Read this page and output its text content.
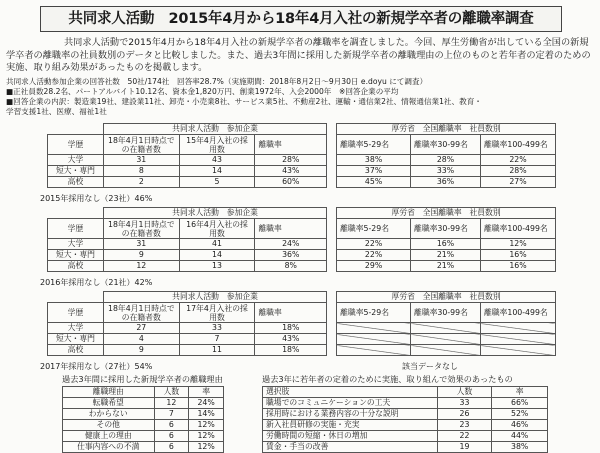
共同求人活動　2015年4月から18年4月入社の新規学卒者の離職率調査
共同求人活動で2015年4月から18年4月入社の新規学卒者の離職率を調査しました。今回、厚生労働省が出している全国の新規学卒者の離職率の社員数別のデータと比較しました。また、過去3年間に採用した新規学卒者の離職理由の上位のものと若年者の定着のための実施、取り組み効果があったものを掲載します。
共同求人活動参加企業の回答社数　50社/174社　回答率28.7%（実施期間：2018年8月2日～9月30日 e.doyu にて調査）
■正社員数28.2名、パートアルバイト10.12名、資本金1,820万円、創業1972年、入会2000年　※回答企業の平均
■回答企業の内訳：製造業19社、建設業11社、卸売・小売業8社、サービス業5社、不動産2社、運輸・通信業2社、情報通信業1社、教育・
学習支援1社、医療、福祉1社
	共同求人活動　参加企業				厚労省　全国離職率　社員数別		
学歴	18年4月1日時点での在籍者数	15年4月入社の採用数	離職率		離職率5-29名	離職率30-99名	離職率100-499名
大学	31	43	28%		38%	28%	22%
短大・専門	8	14	43%		37%	33%	28%
高校	2	5	60%		45%	36%	27%
2015年採用なし（23社）46%
	共同求人活動　参加企業				厚労省　全国離職率　社員数別		
学歴	18年4月1日時点での在籍者数	16年4月入社の採用数	離職率		離職率5-29名	離職率30-99名	離職率100-499名
大学	31	41	24%		22%	16%	12%
短大・専門	9	14	36%		22%	21%	16%
高校	12	13	8%		29%	21%	16%
2016年採用なし（21社）42%
	共同求人活動　参加企業				厚労省　全国離職率　社員数別		
学歴	18年4月1日時点での在籍者数	17年4月入社の採用数	離職率		離職率5-29名	離職率30-99名	離職率100-499名
大学	27	33	18%				
短大・専門	4	7	43%				
高校	9	11	18%				
2017年採用なし（27社）54%	該当データなし
過去3年間に採用した新規学卒者の離職理由
離職理由	人数	率
転職希望	12	24%
わからない	7	14%
その他	6	12%
健康上の理由	6	12%
仕事内容への不満	6	12%
過去3年に若年者の定着のために実施、取り組んで効果のあったもの
選択肢	人数	率
職場でのコミュニケーションの工夫	33	66%
採用時における業務内容の十分な説明	26	52%
新入社員研修の実施・充実	23	46%
労働時間の短縮・休日の増加	22	44%
賃金・手当の改善	19	38%
